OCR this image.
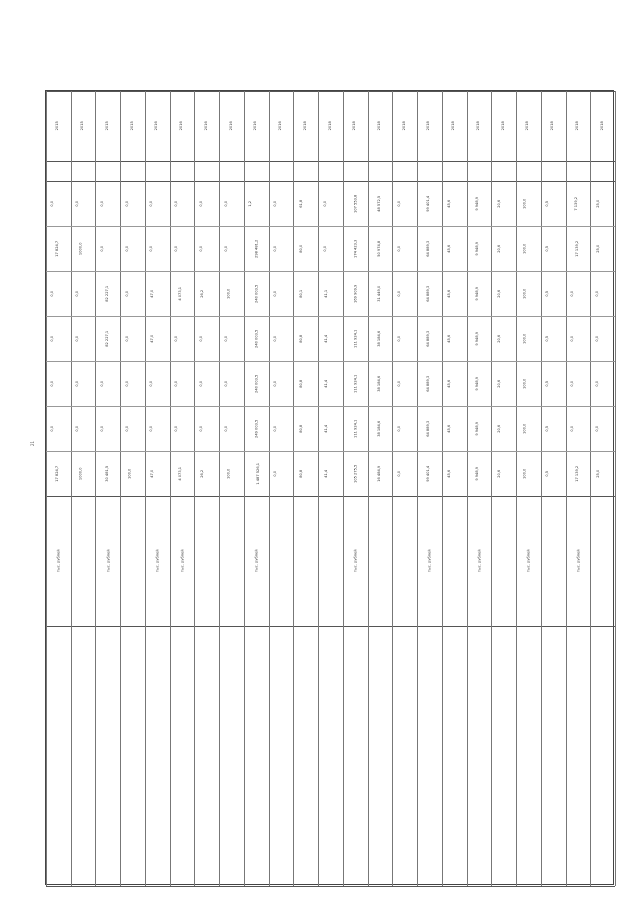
21
2015
0,0
17 824,7
0,0
0,0
0,0
0,0
17 824,7
тыс. рублей
2015
0,0
1000,0
0,0
0,0
0,0
0,0
1000,0
2015
0,0
0,0
82 227,1
82 227,1
0,0
0,0
30 481,5
тыс. рублей
2015
0,0
0,0
0,0
0,0
0,0
0,0
100,0
2016
0,0
0,0
47,0
47,0
0,0
0,0
47,0
тыс. рублей
2016
0,0
0,0
4 073,1
0,0
0,0
0,0
4 073,1
тыс. рублей
2016
0,0
0,0
26,2
0,0
0,0
0,0
26,2
2016
0,0
0,0
100,0
0,0
0,0
0,0
100,0
2016
1,2
298 481,2
240 003,5
240 003,5
240 003,5
249 003,5
1 487 526,1
тыс. рублей
2016
0,0
0,0
0,0
0,0
0,0
0,0
0,0
2018
61,8
80,0
80,1
80,8
80,8
80,8
80,8
2018
0,0
0,0
41,1
41,4
41,4
41,4
41,4
2018
107 553,8
174 423,3
169 909,9
111 924,1
111 924,1
111 924,1
105 275,5
тыс. рублей
2018
48 572,5
50 974,8
31 449,0
38 184,6
38 184,6
38 184,6
16 484,9
2018
0,0
0,0
0,0
0,0
0,0
0,0
0,0
2018
99 401,4
64 889,3
64 889,3
64 889,3
64 889,3
64 889,3
99 401,4
тыс. рублей
2018
45,6
45,6
45,6
45,6
45,6
45,6
45,6
2018
9 948,9
9 948,9
9 948,9
9 948,9
9 948,9
9 948,9
9 948,9
тыс. рублей
2018
20,6
20,6
20,6
20,6
20,6
20,6
20,6
2018
100,0
100,0
100,0
100,0
100,0
100,0
100,0
тыс. рублей
2018
0,5
0,5
0,5
0,5
0,5
0,5
0,5
2018
7 139,2
17 139,2
0,0
0,0
0,0
0,0
17 139,2
тыс. рублей
2018
25,0
25,0
0,0
0,0
0,0
0,0
25,0
